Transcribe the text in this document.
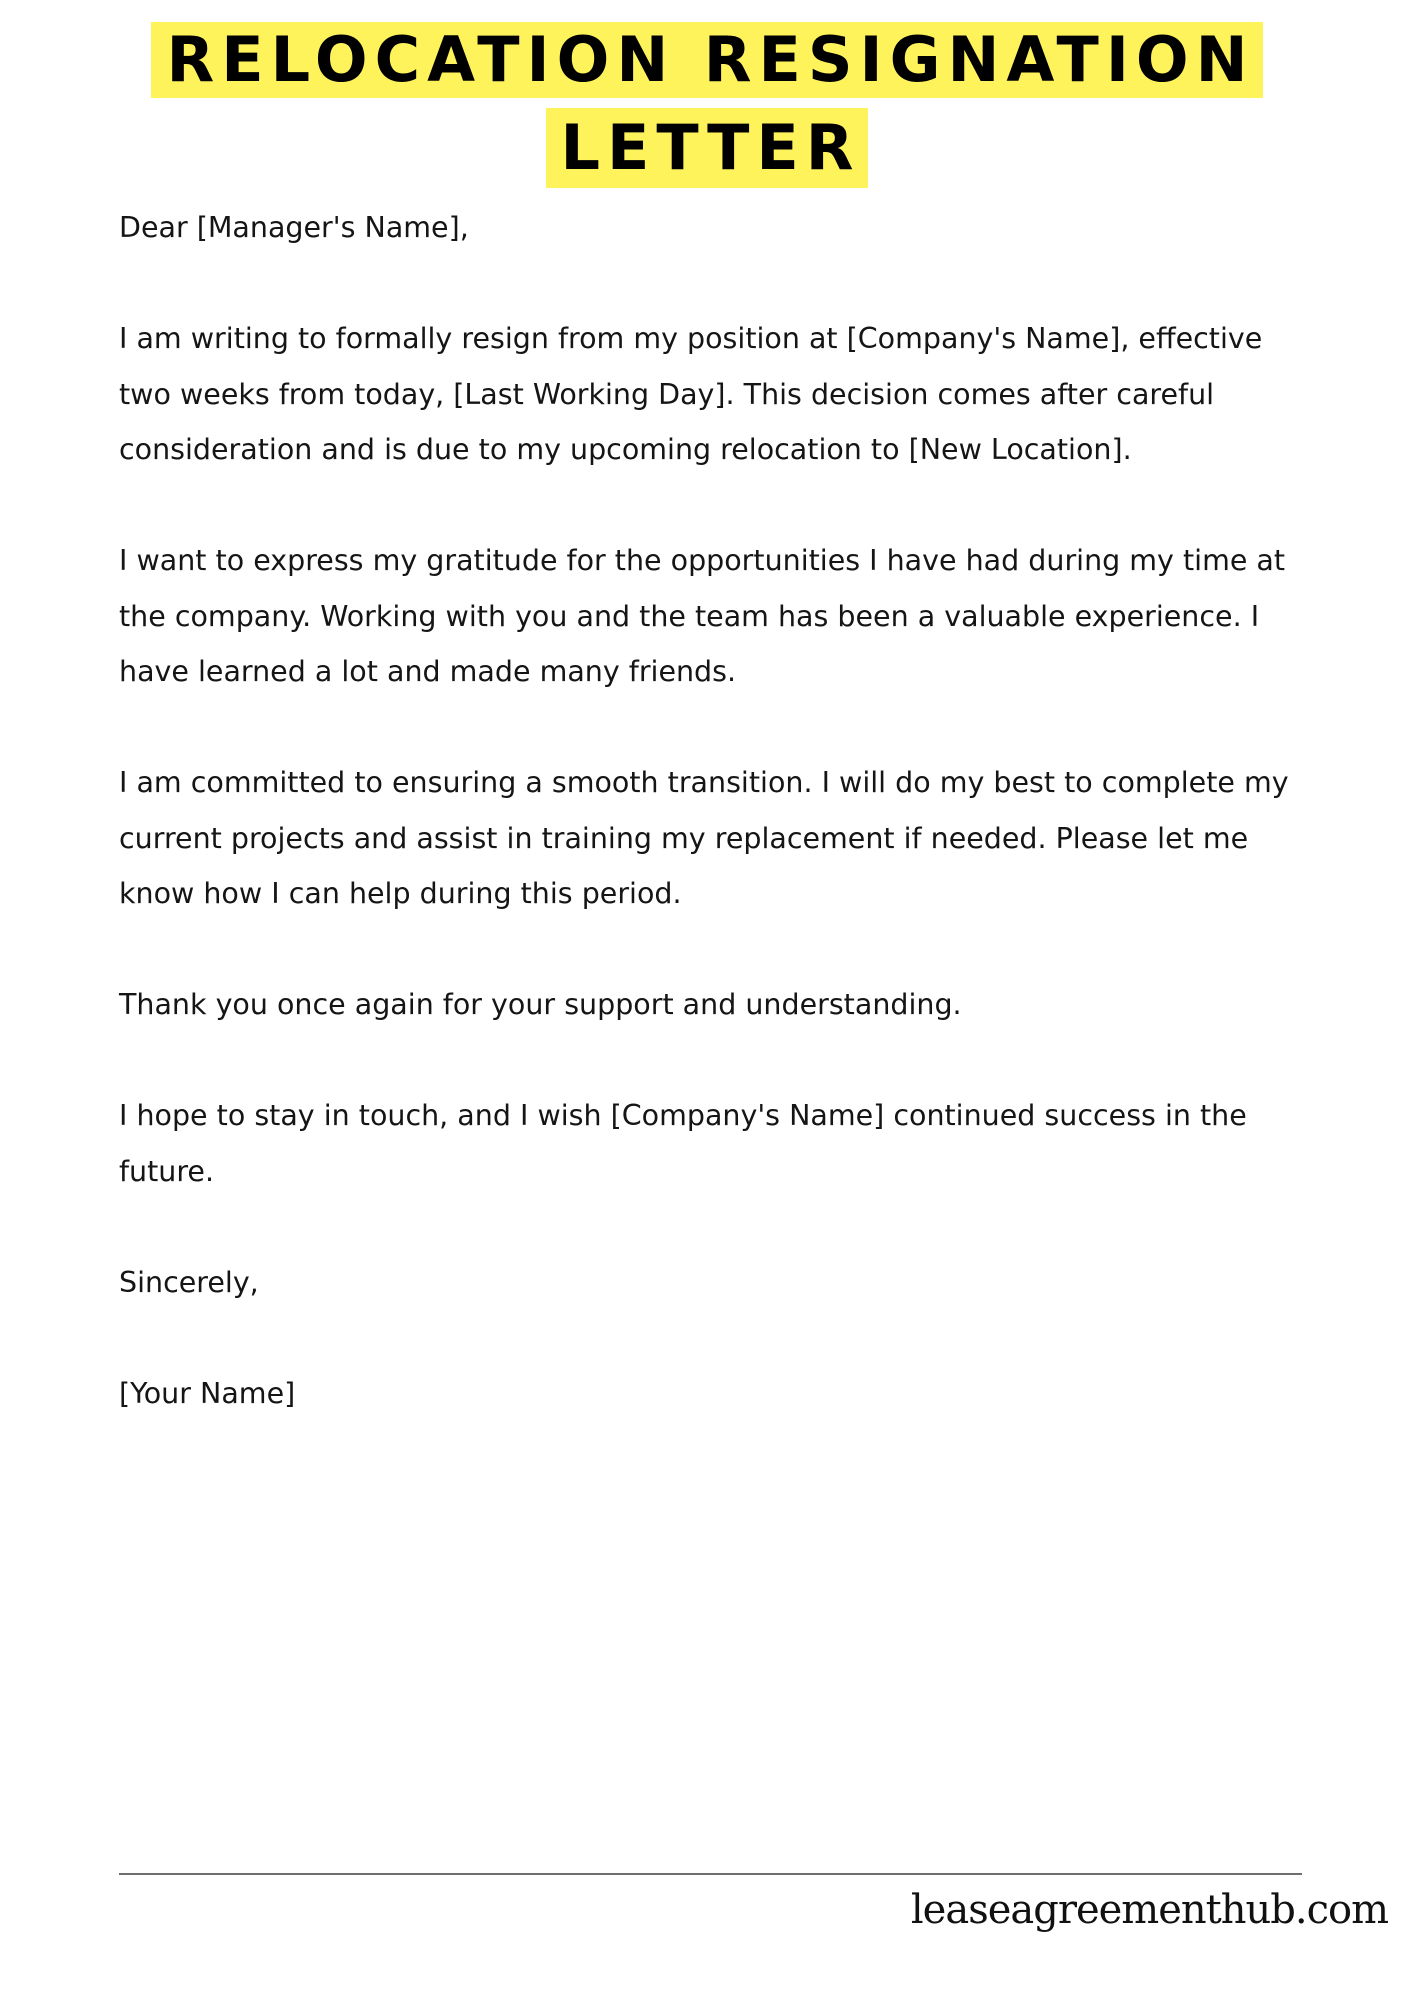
RELOCATION RESIGNATION
LETTER

Dear [Manager's Name],

I am writing to formally resign from my position at [Company's Name], effective two weeks from today, [Last Working Day]. This decision comes after careful consideration and is due to my upcoming relocation to [New Location].

I want to express my gratitude for the opportunities I have had during my time at the company. Working with you and the team has been a valuable experience. I have learned a lot and made many friends.

I am committed to ensuring a smooth transition. I will do my best to complete my current projects and assist in training my replacement if needed. Please let me know how I can help during this period.

Thank you once again for your support and understanding.

I hope to stay in touch, and I wish [Company's Name] continued success in the future.

Sincerely,

[Your Name]

leaseagreementhub.com
